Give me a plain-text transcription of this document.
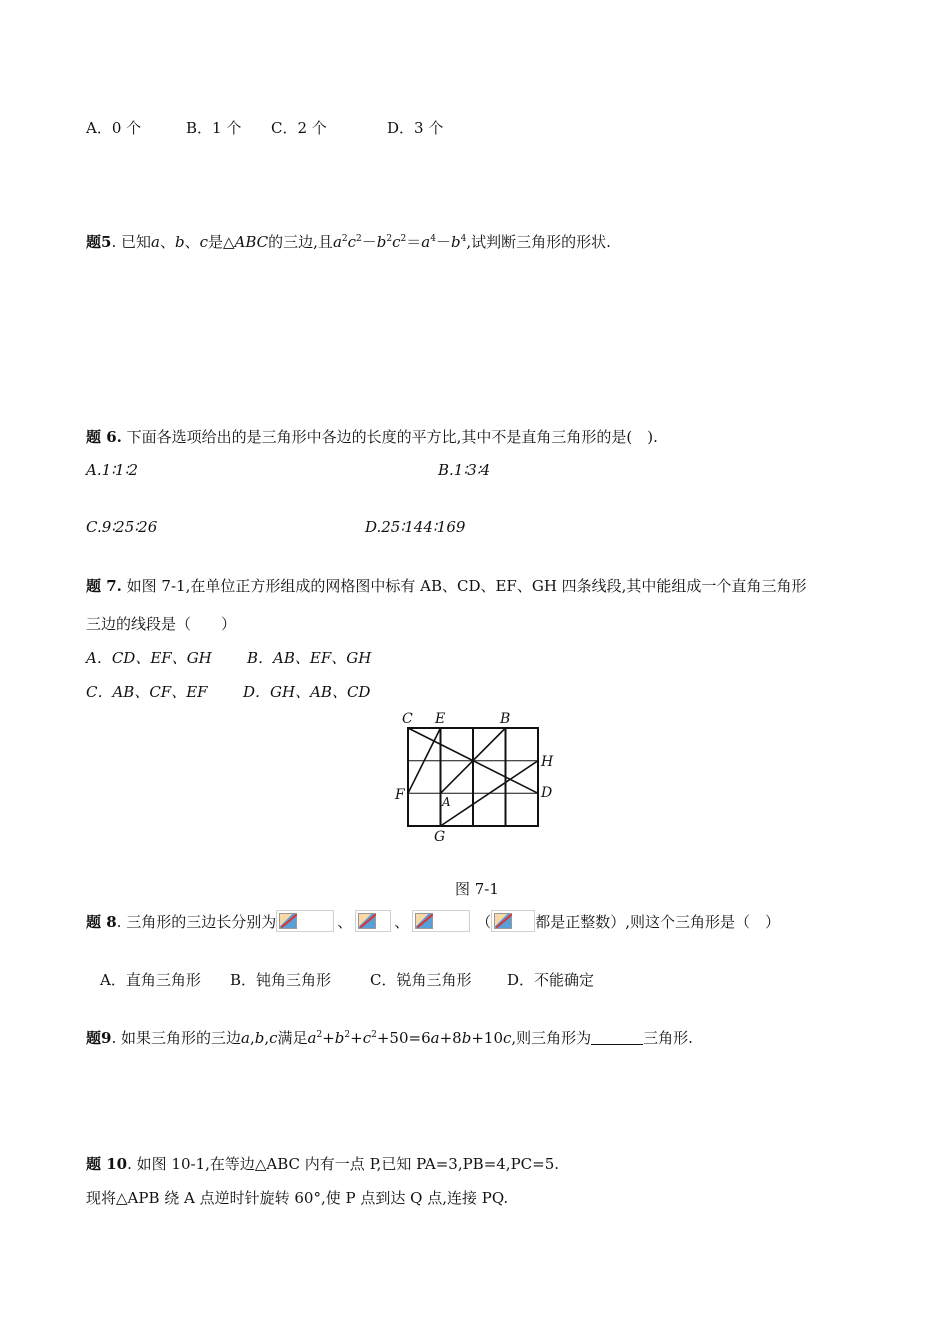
A．0 个	B．1 个 C．2 个	D．3 个
题5. 已知a、b、c是△ABC的三边,且$a^2c^2-b^2c^2=a^4-b^4$,试判断三角形的形状.
题 6. 下面各选项给出的是三角形中各边的长度的平方比,其中不是直角三角形的是(　).
A.1∶1∶2	B.1∶3∶4
C.9∶25∶26	D.25∶144∶169
题 7. 如图 7-1,在单位正方形组成的网格图中标有 AB、CD、EF、GH 四条线段,其中能组成一个直角三角形
三边的线段是（　　）
A．CD、EF、GH B．AB、EF、GH
C．AB、CF、EF D．GH、AB、CD
C E	B
H
D
F	A
G
图 7-1
题 8. 三角形的三边长分别为	、	、	（	都是正整数）,则这个三角形是（　）
A．直角三角形 B．钝角三角形	C．锐角三角形 D．不能确定
题9. 如果三角形的三边a,b,c满足$a^2+b^2+c^2+50=6a+8b+10c$,则三角形为	三角形.
题 10. 如图 10-1,在等边△ABC 内有一点 P,已知 PA=3,PB=4,PC=5.
现将△APB 绕 A 点逆时针旋转 60°,使 P 点到达 Q 点,连接 PQ.
